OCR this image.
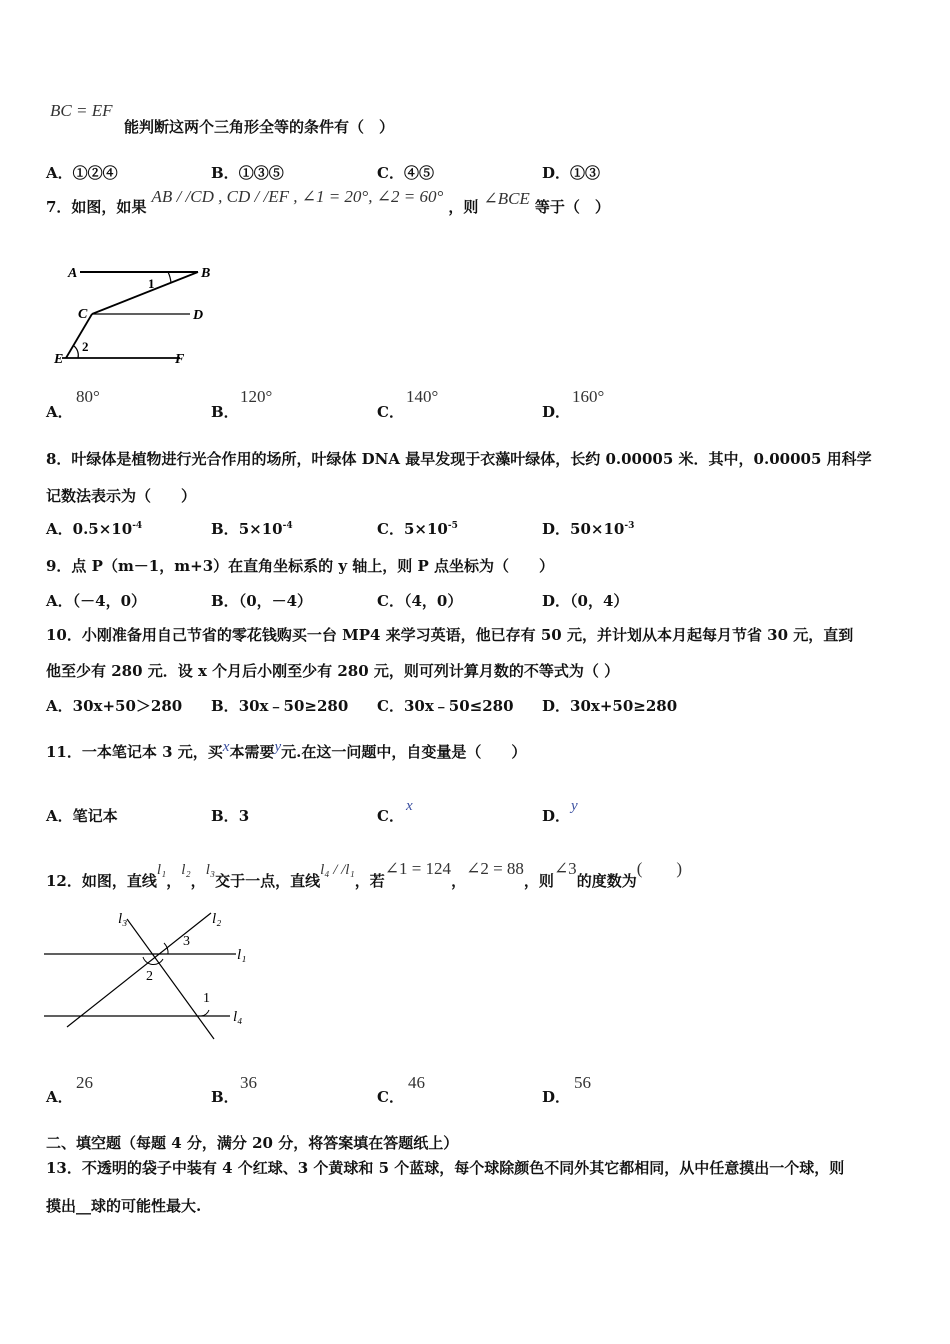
BC = EF
能判断这两个三角形全等的条件有（　）
A．①②④	B．①③⑤	C．④⑤	D．①③
7．如图，如果 AB / /CD , CD / /EF , ∠1 = 20°, ∠2 = 60° ，则 ∠BCE 等于（　）
A	B
C	D
E	F
1
2
A．
80°
B．
120°
C．
140°
D．
160°
8．叶绿体是植物进行光合作用的场所，叶绿体 DNA 最早发现于衣藻叶绿体，长约 0.00005 米．其中，0.00005 用科学
记数法表示为（　　）
A．$0.5\times 10^{-4}$	B．$5\times 10^{-4}$	C．$5\times 10^{-5}$	D．$50\times 10^{-3}$
9．点 P（m－1，m+3）在直角坐标系的 y 轴上，则 P 点坐标为（　　）
A．（－4，0）	B．（0，－4）	C．（4，0）	D．（0，4）
10．小刚准备用自己节省的零花钱购买一台 MP4 来学习英语，他已存有 50 元，并计划从本月起每月节省 30 元，直到
他至少有 280 元．设 x 个月后小刚至少有 280 元，则可列计算月数的不等式为（ ）
A．30x+50＞280 B．30x﹣50≥280 C．30x﹣50≤280 D．30x+50≥280
11．一本笔记本 3 元，买x本需要y元.在这一问题中，自变量是（　　）
A．笔记本	B．3	C．
x
D．
y
12．如图，直线l₁，l₂，l₃交于一点，直线l₄ / /l₁，若∠1 = 124，∠2 = 88，则∠3的度数为(　　)
l₃	l₂
l₁
l₄
3
2
1
A．
26
B．
36
C．
46
D．
56
二、填空题（每题 4 分，满分 20 分，将答案填在答题纸上）
13．不透明的袋子中装有 4 个红球、3 个黄球和 5 个蓝球，每个球除颜色不同外其它都相同，从中任意摸出一个球，则
摸出__球的可能性最大.
